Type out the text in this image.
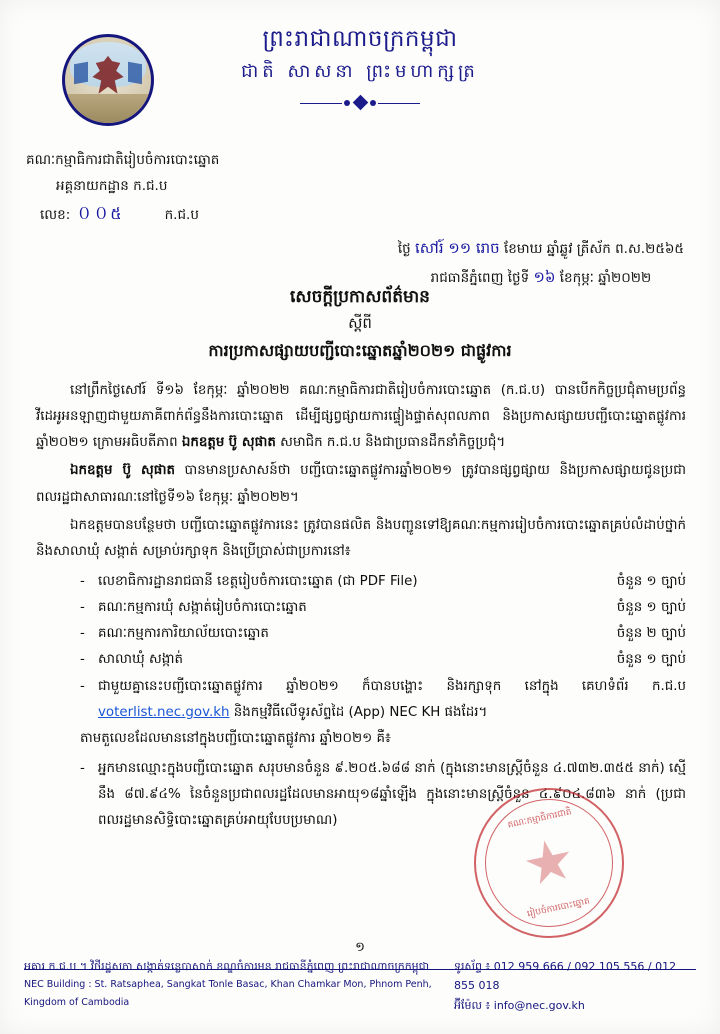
ព្រះរាជាណាចក្រកម្ពុជា
ជាតិ សាសនា ព្រះមហាក្សត្រ
គណៈកម្មាធិការជាតិរៀបចំការបោះឆ្នោត
អគ្គនាយកដ្ឋាន ក.ជ.ប
លេខ: ００៥	ក.ជ.ប
ថ្ងៃ សៅរ៍ ១១ រោច ខែមាឃ ឆ្នាំឆ្លូវ ត្រីស័ក ព.ស.២៥៦៥
រាជធានីភ្នំពេញ ថ្ងៃទី ១៦ ខែកុម្ភៈ ឆ្នាំ២០២២
សេចក្ដីប្រកាសព័ត៌មាន
ស្ដីពី
ការប្រកាសផ្សាយបញ្ជីបោះឆ្នោតឆ្នាំ២០២១ ជាផ្លូវការ
នៅព្រឹកថ្ងៃសៅរ៍ ទី១៦ ខែកុម្ភៈ ឆ្នាំ២០២២ គណៈកម្មាធិការជាតិរៀបចំការបោះឆ្នោត (ក.ជ.ប) បានបើកកិច្ចប្រជុំតាមប្រព័ន្ធវីដេអូអនឡាញជាមួយភាគីពាក់ព័ន្ធនឹងការបោះឆ្នោត ដើម្បីផ្សព្វផ្សាយការផ្ទៀងផ្ទាត់សុពលភាព និងប្រកាសផ្សាយបញ្ជីបោះឆ្នោតផ្លូវការឆ្នាំ២០២១ ក្រោមអធិបតីភាព ឯកឧត្តម ប៊ូ សុផាត សមាជិក ក.ជ.ប និងជាប្រធានដឹកនាំកិច្ចប្រជុំ។
ឯកឧត្តម ប៊ូ សុផាត បានមានប្រសាសន៍ថា បញ្ជីបោះឆ្នោតផ្លូវការឆ្នាំ២០២១ ត្រូវបានផ្សព្វផ្សាយ និងប្រកាសផ្សាយជូនប្រជាពលរដ្ឋជាសាធារណៈនៅថ្ងៃទី១៦ ខែកុម្ភៈ ឆ្នាំ២០២២។
ឯកឧត្តមបានបន្ថែមថា បញ្ជីបោះឆ្នោតផ្លូវការនេះ ត្រូវបានផលិត និងបញ្ជូនទៅឱ្យគណៈកម្មការរៀបចំការបោះឆ្នោតគ្រប់លំដាប់ថ្នាក់ និងសាលាឃុំ សង្កាត់ សម្រាប់រក្សាទុក និងប្រើប្រាស់ជាប្រការនៅ៖
- លេខាធិការដ្ឋានរាជធានី ខេត្តរៀបចំការបោះឆ្នោត (ជា PDF File)	ចំនួន ១ ច្បាប់
- គណៈកម្មការឃុំ សង្កាត់រៀបចំការបោះឆ្នោត	ចំនួន ១ ច្បាប់
- គណៈកម្មការការិយាល័យបោះឆ្នោត	ចំនួន ២ ច្បាប់
- សាលាឃុំ សង្កាត់	ចំនួន ១ ច្បាប់
- ជាមួយគ្នានេះបញ្ជីបោះឆ្នោតផ្លូវការ ឆ្នាំ២០២១ ក៏បានបង្ហោះ និងរក្សាទុក នៅក្នុង គេហទំព័រ ក.ជ.ប voterlist.nec.gov.kh និងកម្មវិធីលើទូរស័ព្ទដៃ (App) NEC KH ផងដែរ។
តាមតួលេខដែលមាននៅក្នុងបញ្ជីបោះឆ្នោតផ្លូវការ ឆ្នាំ២០២១ គឺ៖
- អ្នកមានឈ្មោះក្នុងបញ្ជីបោះឆ្នោត សរុបមានចំនួន ៩.២០៥.៦៨៨ នាក់ (ក្នុងនោះមានស្ត្រីចំនួន ៤.៧៣២.៣៥៥ នាក់) ស្មើនឹង ៨៧.៩៤% នៃចំនួនប្រជាពលរដ្ឋដែលមានអាយុ១៨ឆ្នាំឡើង ក្នុងនោះមានស្ត្រីចំនួន ៤.៩០៤.៨៣៦ នាក់ (ប្រជាពលរដ្ឋមានសិទ្ធិបោះឆ្នោតគ្រប់អាយុបែបប្រមាណ)	គណៈកម្មាធិការជាតិ
រៀបចំការបោះឆ្នោត
១
អគារ ក.ជ.ប ។ វិថីរដ្ឋសភា សង្កាត់ទន្លេបាសាក់ ខណ្ឌចំការមន រាជធានីភ្នំពេញ ព្រះរាជាណាចក្រកម្ពុជា
NEC Building : St. Ratsaphea, Sangkat Tonle Basac, Khan Chamkar Mon, Phnom Penh, Kingdom of Cambodia
ទូរស័ព្ទ ៖ 012 959 666 / 092 105 556 / 012 855 018
អ៊ីម៉ែល ៖ info@nec.gov.kh
